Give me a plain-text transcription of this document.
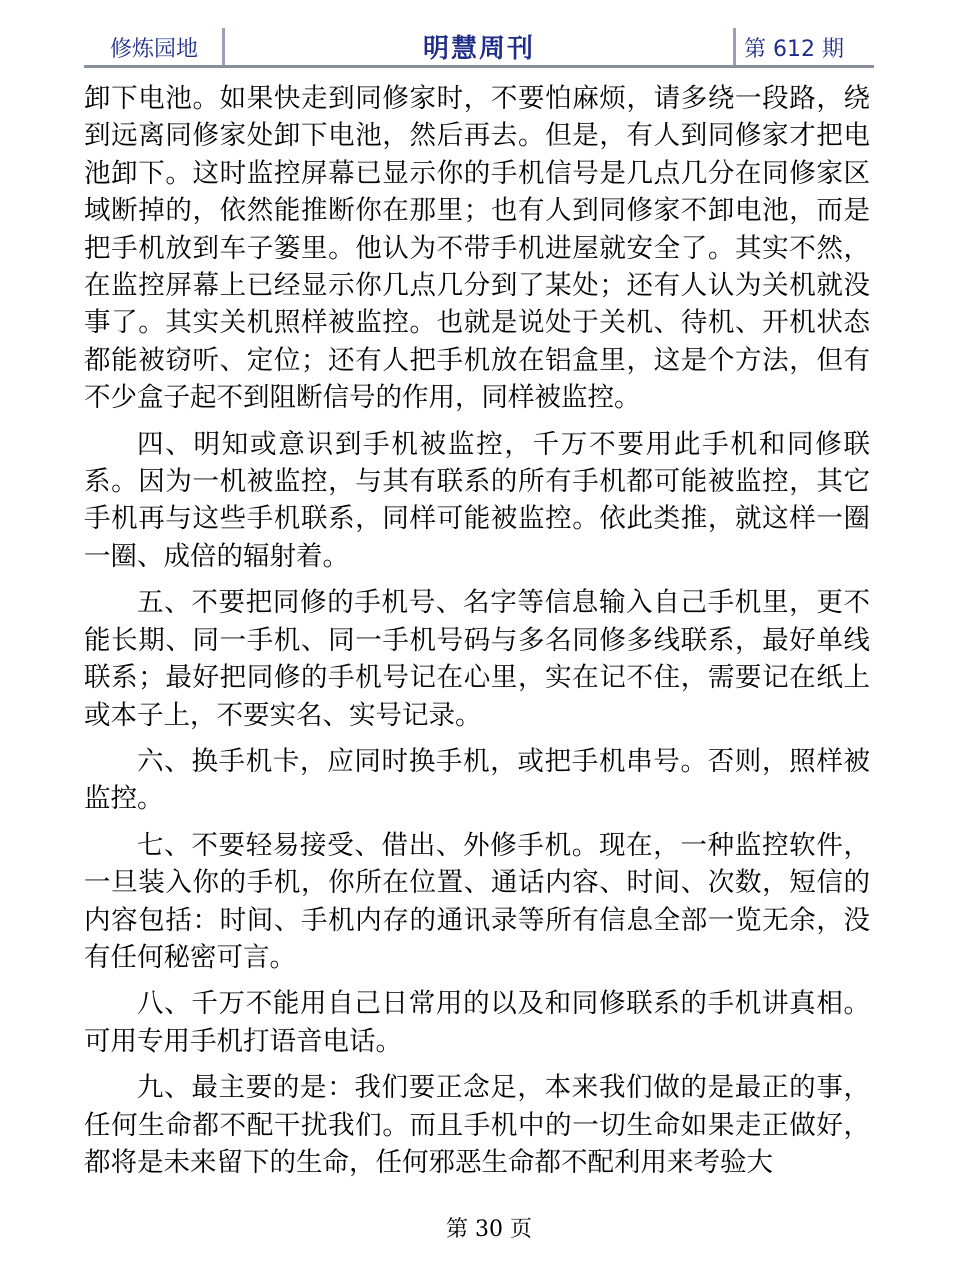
修炼园地	明慧周刊	第 612 期

卸下电池。如果快走到同修家时，不要怕麻烦，请多绕一段路，绕到远离同修家处卸下电池，然后再去。但是，有人到同修家才把电池卸下。这时监控屏幕已显示你的手机信号是几点几分在同修家区域断掉的，依然能推断你在那里；也有人到同修家不卸电池，而是把手机放到车子篓里。他认为不带手机进屋就安全了。其实不然，在监控屏幕上已经显示你几点几分到了某处；还有人认为关机就没事了。其实关机照样被监控。也就是说处于关机、待机、开机状态都能被窃听、定位；还有人把手机放在铝盒里，这是个方法，但有不少盒子起不到阻断信号的作用，同样被监控。

四、明知或意识到手机被监控，千万不要用此手机和同修联系。因为一机被监控，与其有联系的所有手机都可能被监控，其它手机再与这些手机联系，同样可能被监控。依此类推，就这样一圈一圈、成倍的辐射着。

五、不要把同修的手机号、名字等信息输入自己手机里，更不能长期、同一手机、同一手机号码与多名同修多线联系，最好单线联系；最好把同修的手机号记在心里，实在记不住，需要记在纸上或本子上，不要实名、实号记录。

六、换手机卡，应同时换手机，或把手机串号。否则，照样被监控。

七、不要轻易接受、借出、外修手机。现在，一种监控软件，一旦装入你的手机，你所在位置、通话内容、时间、次数，短信的内容包括：时间、手机内存的通讯录等所有信息全部一览无余，没有任何秘密可言。

八、千万不能用自己日常用的以及和同修联系的手机讲真相。可用专用手机打语音电话。

九、最主要的是：我们要正念足，本来我们做的是最正的事，任何生命都不配干扰我们。而且手机中的一切生命如果走正做好，都将是未来留下的生命，任何邪恶生命都不配利用来考验大

第 30 页
